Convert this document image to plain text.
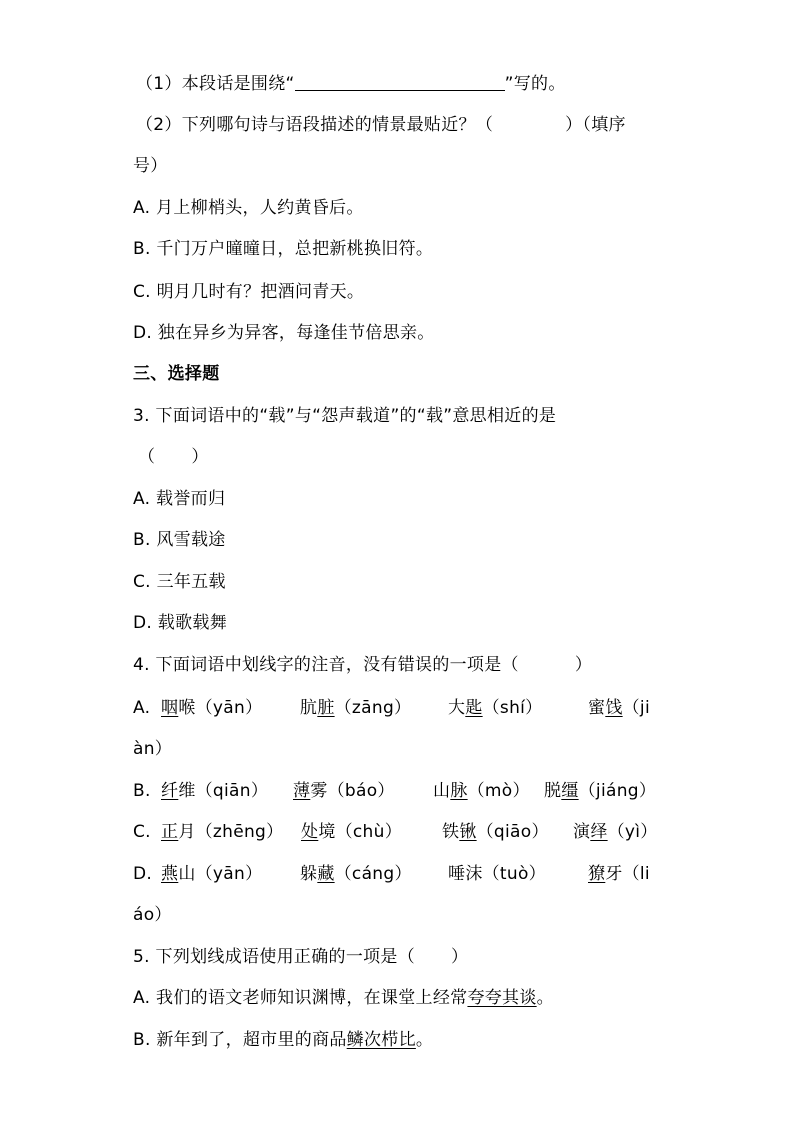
（1）本段话是围绕“	”写的。
（2）下列哪句诗与语段描述的情景最贴近？（	）（填序
号）
A. 月上柳梢头，人约黄昏后。
B. 千门万户曈曈日，总把新桃换旧符。
C. 明月几时有？把酒问青天。
D. 独在异乡为异客，每逢佳节倍思亲。
三、选择题
3. 下面词语中的“载”与“怨声载道”的“载”意思相近的是
（ ）
A. 载誉而归
B. 风雪载途
C. 三年五载
D. 载歌载舞
4. 下面词语中划线字的注音，没有错误的一项是（	）
A. 咽喉（yān） 肮脏（zāng） 大匙（shí）	蜜饯（ji
àn）
B. 纤维（qiān） 薄雾（báo） 山脉（mò） 脱缰（jiáng）
C. 正月（zhēng） 处境（chù） 铁锹（qiāo） 演绎（yì）
D. 燕山（yān） 躲藏（cáng） 唾沫（tuò） 獠牙（li
áo）
5. 下列划线成语使用正确的一项是（ ）
A. 我们的语文老师知识渊博，在课堂上经常夸夸其谈。
B. 新年到了，超市里的商品鳞次栉比。
